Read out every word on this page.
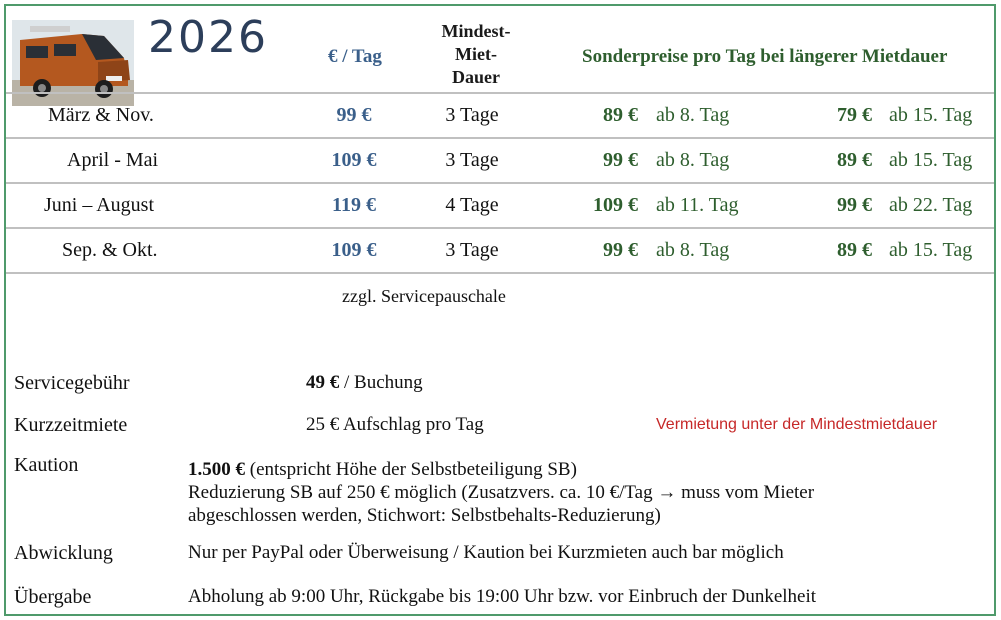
2026	€ / Tag
Mindest-
Miet-
Dauer
Sonderpreise pro Tag bei längerer Mietdauer
März & Nov.	99 €	3 Tage	89 € ab 8. Tag	79 € ab 15. Tag
April - Mai	109 €	3 Tage	99 € ab 8. Tag	89 € ab 15. Tag
Juni – August	119 €	4 Tage	109 € ab 11. Tag	99 € ab 22. Tag
Sep. & Okt.	109 €	3 Tage	99 € ab 8. Tag	89 € ab 15. Tag
zzgl. Servicepauschale
Servicegebühr	49 € / Buchung
Kurzzeitmiete	25 € Aufschlag pro Tag	Vermietung unter der Mindestmietdauer
Kaution	1.500 € (entspricht Höhe der Selbstbeteiligung SB)
Reduzierung SB auf 250 € möglich (Zusatzvers. ca. 10 €/Tag → muss vom Mieter
abgeschlossen werden, Stichwort: Selbstbehalts-Reduzierung)
Abwicklung	Nur per PayPal oder Überweisung / Kaution bei Kurzmieten auch bar möglich
Übergabe	Abholung ab 9:00 Uhr, Rückgabe bis 19:00 Uhr bzw. vor Einbruch der Dunkelheit
